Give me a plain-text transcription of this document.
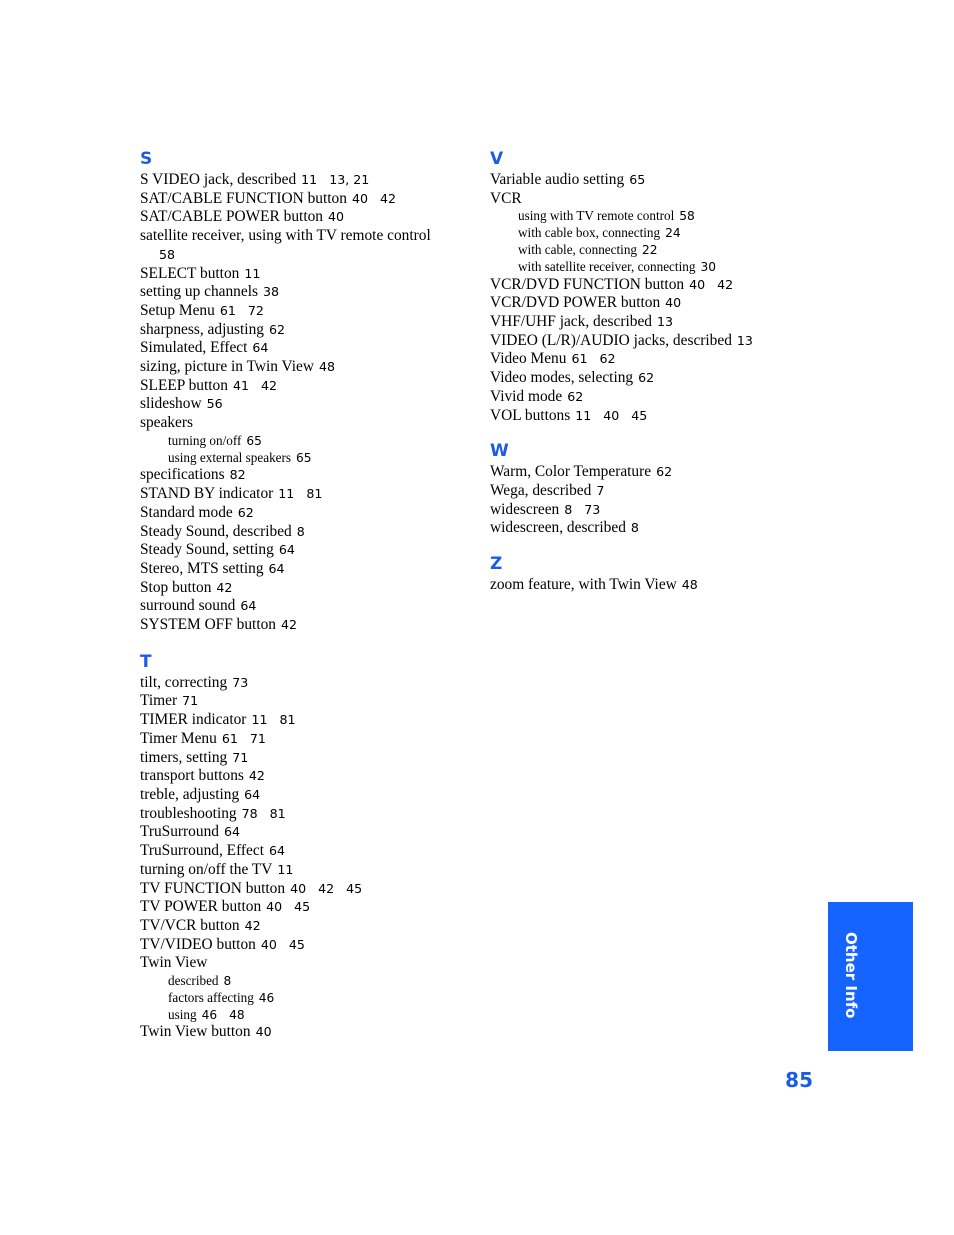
S
S VIDEO jack, described 11 13, 21
SAT/CABLE FUNCTION button 40 42
SAT/CABLE POWER button 40
satellite receiver, using with TV remote control
58
SELECT button 11
setting up channels 38
Setup Menu 61 72
sharpness, adjusting 62
Simulated, Effect 64
sizing, picture in Twin View 48
SLEEP button 41 42
slideshow 56
speakers
turning on/off 65
using external speakers 65
specifications 82
STAND BY indicator 11 81
Standard mode 62
Steady Sound, described 8
Steady Sound, setting 64
Stereo, MTS setting 64
Stop button 42
surround sound 64
SYSTEM OFF button 42
T
tilt, correcting 73
Timer 71
TIMER indicator 11 81
Timer Menu 61 71
timers, setting 71
transport buttons 42
treble, adjusting 64
troubleshooting 78 81
TruSurround 64
TruSurround, Effect 64
turning on/off the TV 11
TV FUNCTION button 40 42 45
TV POWER button 40 45
TV/VCR button 42
TV/VIDEO button 40 45
Twin View
described 8
factors affecting 46
using 46 48
Twin View button 40
V
Variable audio setting 65
VCR
using with TV remote control 58
with cable box, connecting 24
with cable, connecting 22
with satellite receiver, connecting 30
VCR/DVD FUNCTION button 40 42
VCR/DVD POWER button 40
VHF/UHF jack, described 13
VIDEO (L/R)/AUDIO jacks, described 13
Video Menu 61 62
Video modes, selecting 62
Vivid mode 62
VOL buttons 11 40 45
W
Warm, Color Temperature 62
Wega, described 7
widescreen 8 73
widescreen, described 8
Z
zoom feature, with Twin View 48
Other Info
85
